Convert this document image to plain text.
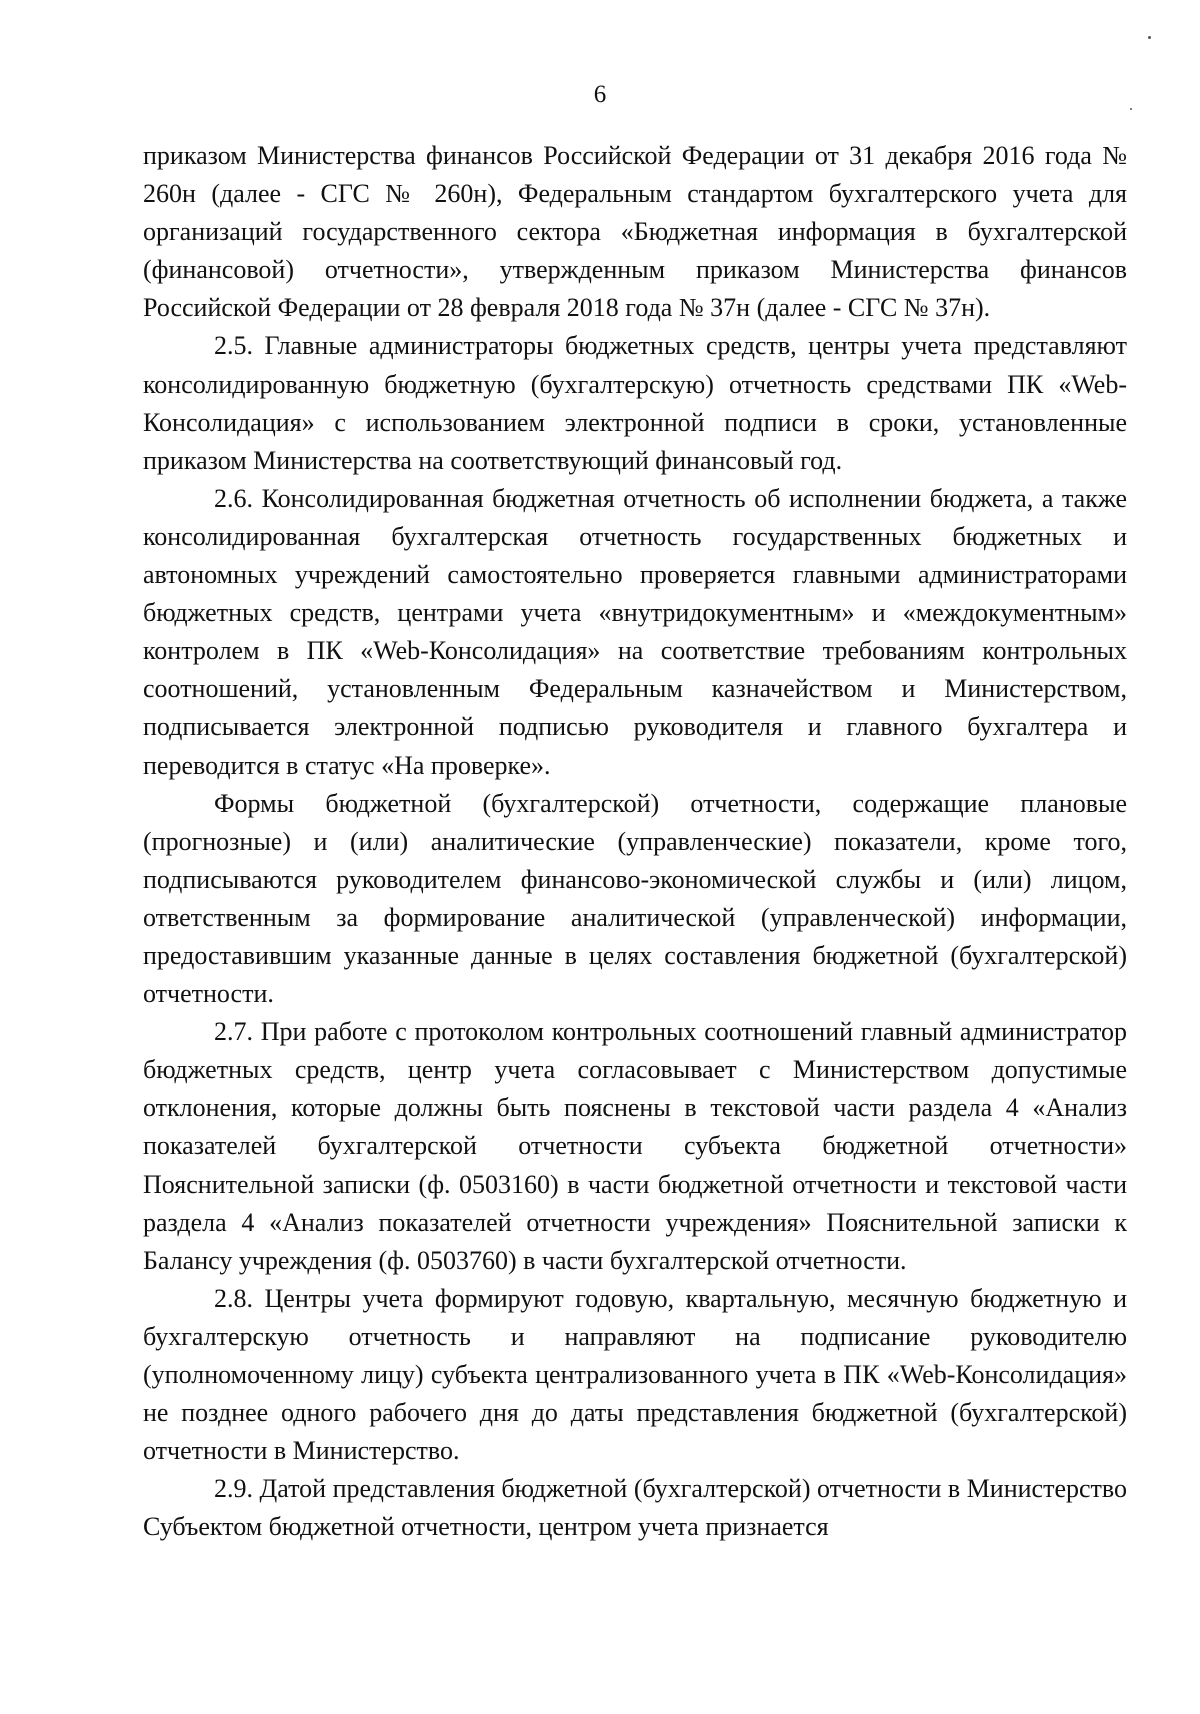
6

приказом Министерства финансов Российской Федерации от 31 декабря 2016 года № 260н (далее - СГС № 260н), Федеральным стандартом бухгалтерского учета для организаций государственного сектора «Бюджетная информация в бухгалтерской (финансовой) отчетности», утвержденным приказом Министерства финансов Российской Федерации от 28 февраля 2018 года № 37н (далее - СГС № 37н).

2.5. Главные администраторы бюджетных средств, центры учета представляют консолидированную бюджетную (бухгалтерскую) отчетность средствами ПК «Web-Консолидация» с использованием электронной подписи в сроки, установленные приказом Министерства на соответствующий финансовый год.

2.6. Консолидированная бюджетная отчетность об исполнении бюджета, а также консолидированная бухгалтерская отчетность государственных бюджетных и автономных учреждений самостоятельно проверяется главными администраторами бюджетных средств, центрами учета «внутридокументным» и «междокументным» контролем в ПК «Web-Консолидация» на соответствие требованиям контрольных соотношений, установленным Федеральным казначейством и Министерством, подписывается электронной подписью руководителя и главного бухгалтера и переводится в статус «На проверке».

Формы бюджетной (бухгалтерской) отчетности, содержащие плановые (прогнозные) и (или) аналитические (управленческие) показатели, кроме того, подписываются руководителем финансово-экономической службы и (или) лицом, ответственным за формирование аналитической (управленческой) информации, предоставившим указанные данные в целях составления бюджетной (бухгалтерской) отчетности.

2.7. При работе с протоколом контрольных соотношений главный администратор бюджетных средств, центр учета согласовывает с Министерством допустимые отклонения, которые должны быть пояснены в текстовой части раздела 4 «Анализ показателей бухгалтерской отчетности субъекта бюджетной отчетности» Пояснительной записки (ф. 0503160) в части бюджетной отчетности и текстовой части раздела 4 «Анализ показателей отчетности учреждения» Пояснительной записки к Балансу учреждения (ф. 0503760) в части бухгалтерской отчетности.

2.8. Центры учета формируют годовую, квартальную, месячную бюджетную и бухгалтерскую отчетность и направляют на подписание руководителю (уполномоченному лицу) субъекта централизованного учета в ПК «Web-Консолидация» не позднее одного рабочего дня до даты представления бюджетной (бухгалтерской) отчетности в Министерство.

2.9. Датой представления бюджетной (бухгалтерской) отчетности в Министерство Субъектом бюджетной отчетности, центром учета признается
